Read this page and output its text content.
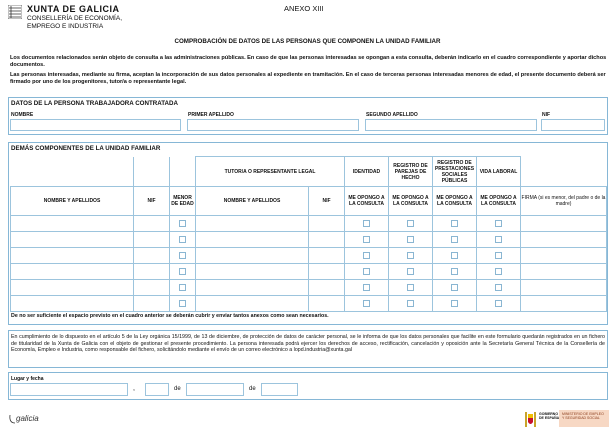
XUNTA DE GALICIA
CONSELLERÍA DE ECONOMÍA,
EMPREGO E INDUSTRIA
ANEXO XIII
COMPROBACIÓN DE DATOS DE LAS PERSONAS QUE COMPONEN LA UNIDAD FAMILIAR
Los documentos relacionados serán objeto de consulta a las administraciones públicas. En caso de que las personas interesadas se opongan a esta consulta, deberán indicarlo en el cuadro correspondiente y aportar dichos documentos.
Las personas interesadas, mediante su firma, aceptan la incorporación de sus datos personales al expediente en tramitación. En el caso de terceras personas interesadas menores de edad, el presente documento deberá ser firmado por uno de los progenitores, tutor/a o representante legal.
DATOS DE LA PERSONA TRABAJADORA CONTRATADA
NOMBRE	PRIMER APELLIDO	SEGUNDO APELLIDO	NIF
DEMÁS COMPONENTES DE LA UNIDAD FAMILIAR
			TUTOR/A O REPRESENTANTE LEGAL		IDENTIDAD	REGISTRO DE PAREJAS DE HECHO	REGISTRO DE PRESTACIONES SOCIALES PÚBLICAS	VIDA LABORAL	

NOMBRE Y APELLIDOS	NIF	MENOR DE EDAD	NOMBRE Y APELLIDOS	NIF	ME OPONGO A LA CONSULTA	ME OPONGO A LA CONSULTA	ME OPONGO A LA CONSULTA	ME OPONGO A LA CONSULTA	FIRMA (si es menor, del padre o de la madre)

De no ser suficiente el espacio previsto en el cuadro anterior se deberán cubrir y enviar tantos anexos como sean necesarios.
En cumplimiento de lo dispuesto en el artículo 5 de la Ley orgánica 15/1999, de 13 de diciembre, de protección de datos de carácter personal, se le informa de que los datos personales que facilite en este formulario quedarán registrados en un fichero de titularidad de la Xunta de Galicia con el objeto de gestionar el presente procedimiento. La persona interesada podrá ejercer los derechos de acceso, rectificación, cancelación y oposición ante la Secretaría General Técnica de la Consellería de Economía, Empleo e Industria, como responsable del fichero, solicitándolo mediante el envío de un correo electrónico a lopd.industria@xunta.gal
Lugar y fecha
,	de	de
galicia	GOBIERNO
DE ESPAÑA
MINISTERIO DE EMPLEO
Y SEGURIDAD SOCIAL
